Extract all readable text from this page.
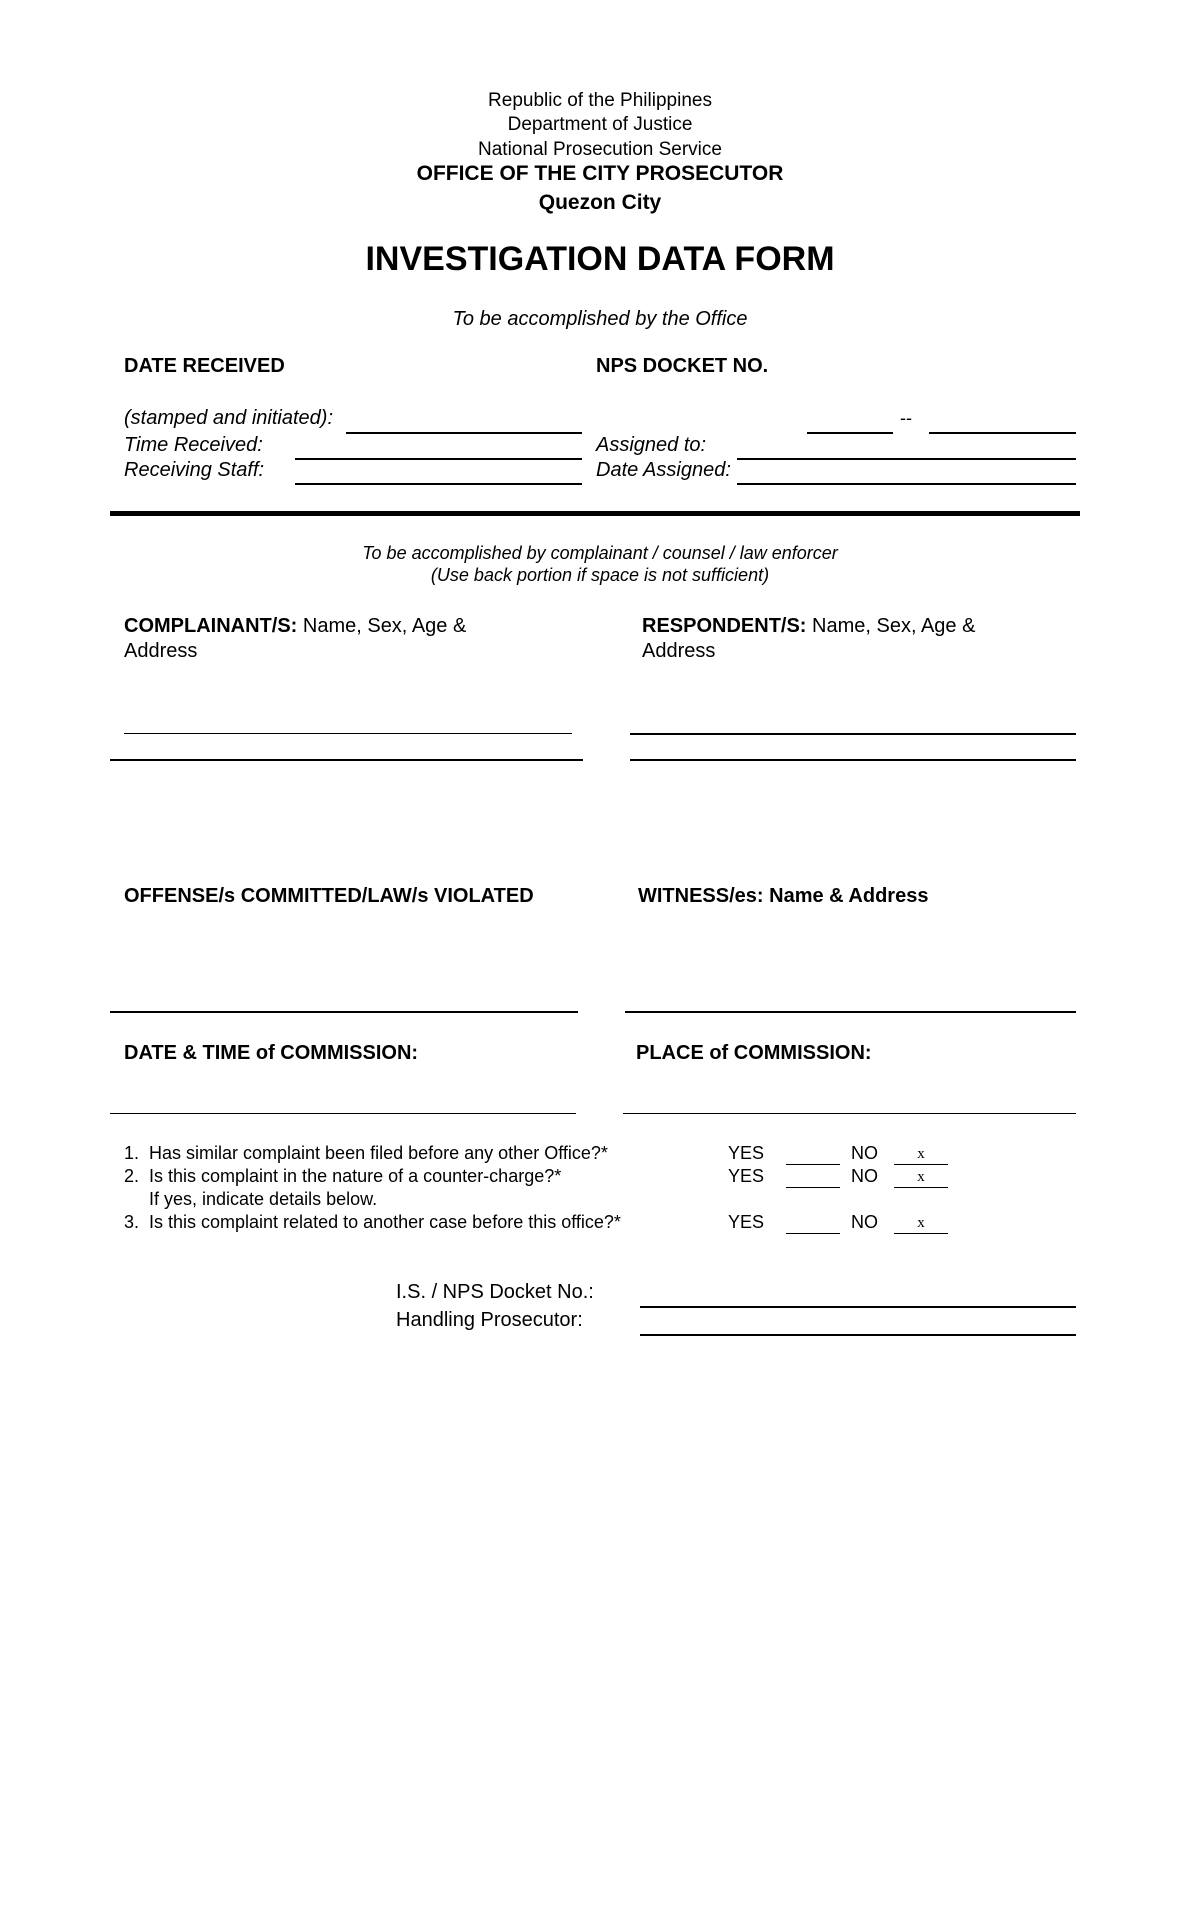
Republic of the Philippines
Department of Justice
National Prosecution Service
OFFICE OF THE CITY PROSECUTOR
Quezon City
INVESTIGATION DATA FORM
To be accomplished by the Office
DATE RECEIVED	NPS DOCKET NO.
(stamped and initiated):	--
Time Received:	Assigned to:
Receiving Staff:	Date Assigned:
To be accomplished by complainant / counsel / law enforcer
(Use back portion if space is not sufficient)
COMPLAINANT/S: Name, Sex, Age &
Address
RESPONDENT/S: Name, Sex, Age &
Address
OFFENSE/s COMMITTED/LAW/s VIOLATED	WITNESS/es: Name & Address
DATE & TIME of COMMISSION:	PLACE of COMMISSION:
1. Has similar complaint been filed before any other Office?*	YES	NO	x
2. Is this complaint in the nature of a counter-charge?*	YES	NO	x
If yes, indicate details below.
3. Is this complaint related to another case before this office?*	YES	NO	x
I.S. / NPS Docket No.:
Handling Prosecutor:
